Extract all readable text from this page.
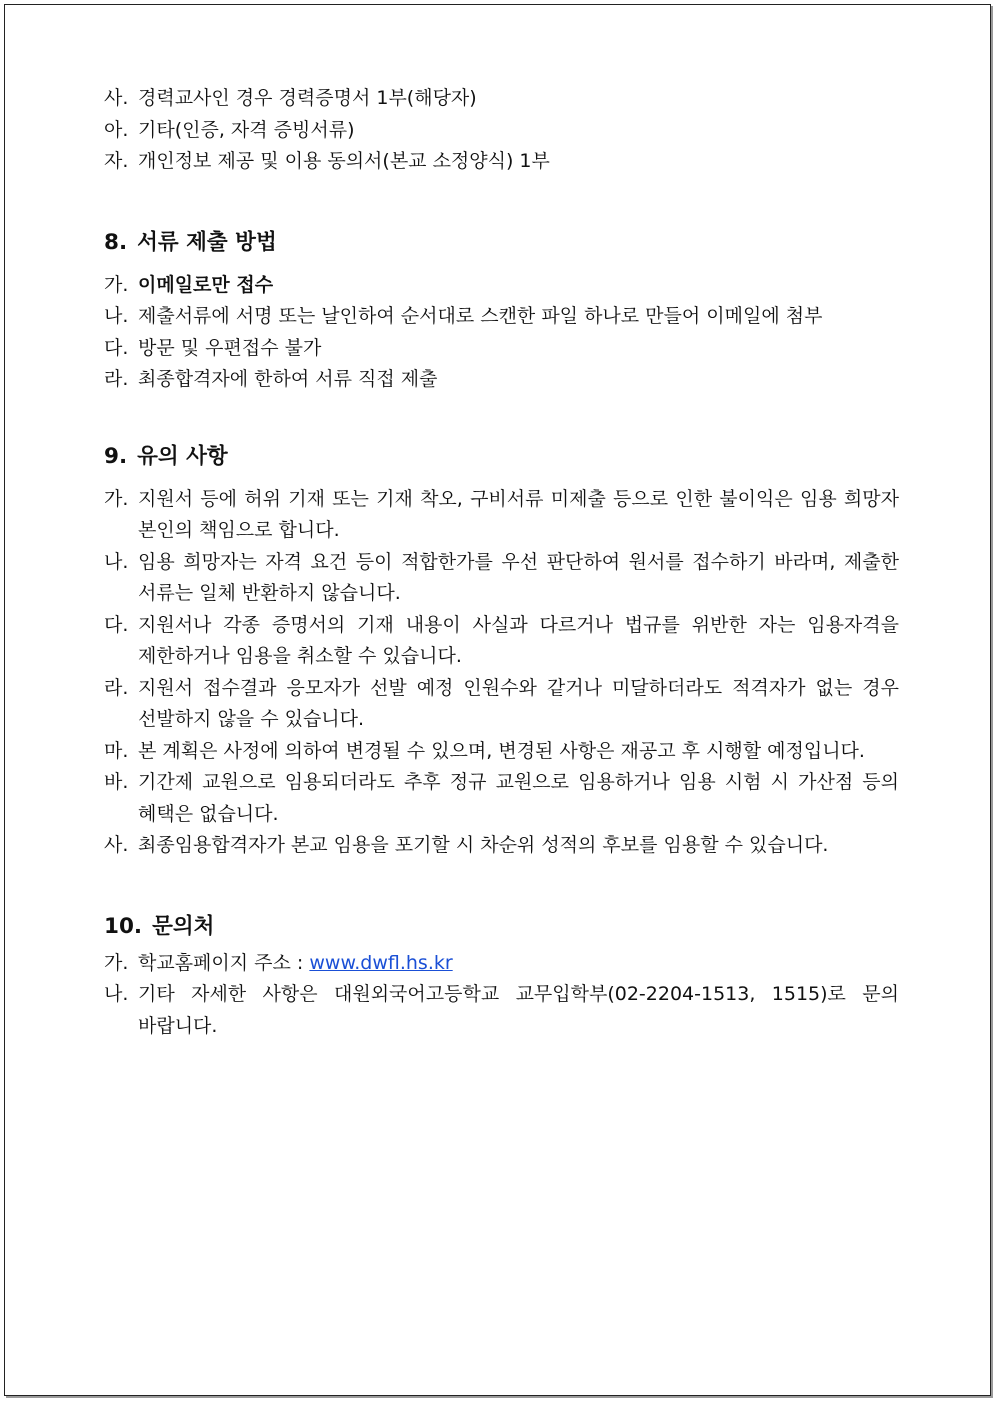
사. 경력교사인 경우 경력증명서 1부(해당자)
아. 기타(인증, 자격 증빙서류)
자. 개인정보 제공 및 이용 동의서(본교 소정양식) 1부
8. 서류 제출 방법
가. 이메일로만 접수
나. 제출서류에 서명 또는 날인하여 순서대로 스캔한 파일 하나로 만들어 이메일에 첨부
다. 방문 및 우편접수 불가
라. 최종합격자에 한하여 서류 직접 제출
9. 유의 사항
가. 지원서 등에 허위 기재 또는 기재 착오, 구비서류 미제출 등으로 인한 불이익은 임용 희망자 본인의 책임으로 합니다.
나. 임용 희망자는 자격 요건 등이 적합한가를 우선 판단하여 원서를 접수하기 바라며, 제출한 서류는 일체 반환하지 않습니다.
다. 지원서나 각종 증명서의 기재 내용이 사실과 다르거나 법규를 위반한 자는 임용자격을 제한하거나 임용을 취소할 수 있습니다.
라. 지원서 접수결과 응모자가 선발 예정 인원수와 같거나 미달하더라도 적격자가 없는 경우 선발하지 않을 수 있습니다.
마. 본 계획은 사정에 의하여 변경될 수 있으며, 변경된 사항은 재공고 후 시행할 예정입니다.
바. 기간제 교원으로 임용되더라도 추후 정규 교원으로 임용하거나 임용 시험 시 가산점 등의 혜택은 없습니다.
사. 최종임용합격자가 본교 임용을 포기할 시 차순위 성적의 후보를 임용할 수 있습니다.
10. 문의처
가. 학교홈페이지 주소 : www.dwfl.hs.kr
나. 기타 자세한 사항은 대원외국어고등학교 교무입학부(02-2204-1513, 1515)로 문의 바랍니다.
